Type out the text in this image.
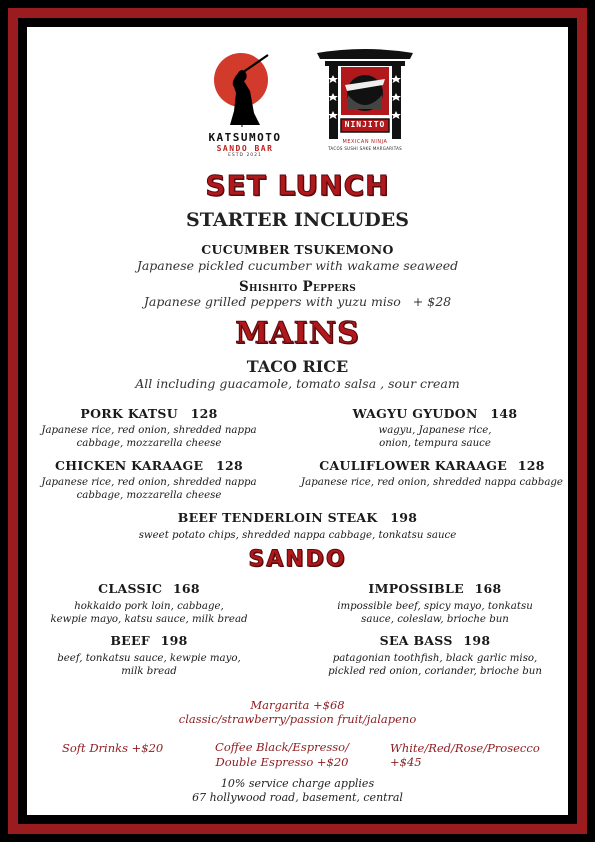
KATSUMOTO
SANDO BAR
ESTD 2021
NINJITO
MEXICAN NINJA
TACOS SUSHI SAKE MARGARITAS
SET LUNCH
STARTER INCLUDES
CUCUMBER TSUKEMONO
Japanese pickled cucumber with wakame seaweed
Shishito Peppers
Japanese grilled peppers with yuzu miso + $28
MAINS
TACO RICE
All including guacamole, tomato salsa , sour cream
PORK KATSU 128
Japanese rice, red onion, shredded nappa
cabbage, mozzarella cheese
WAGYU GYUDON 148
wagyu, Japanese rice,
onion, tempura sauce
CHICKEN KARAAGE 128
Japanese rice, red onion, shredded nappa
cabbage, mozzarella cheese
CAULIFLOWER KARAAGE 128
Japanese rice, red onion, shredded nappa cabbage
BEEF TENDERLOIN STEAK 198
sweet potato chips, shredded nappa cabbage, tonkatsu sauce
SANDO
CLASSIC 168
hokkaido pork loin, cabbage,
kewpie mayo, katsu sauce, milk bread
IMPOSSIBLE 168
impossible beef, spicy mayo, tonkatsu
sauce, coleslaw, brioche bun
BEEF 198
beef, tonkatsu sauce, kewpie mayo,
milk bread
SEA BASS 198
patagonian toothfish, black garlic miso,
pickled red onion, coriander, brioche bun
Margarita +$68
classic/strawberry/passion fruit/jalapeno
Soft Drinks +$20	Coffee Black/Espresso/
Double Espresso +$20
White/Red/Rose/Prosecco +$45
10% service charge applies
67 hollywood road, basement, central
